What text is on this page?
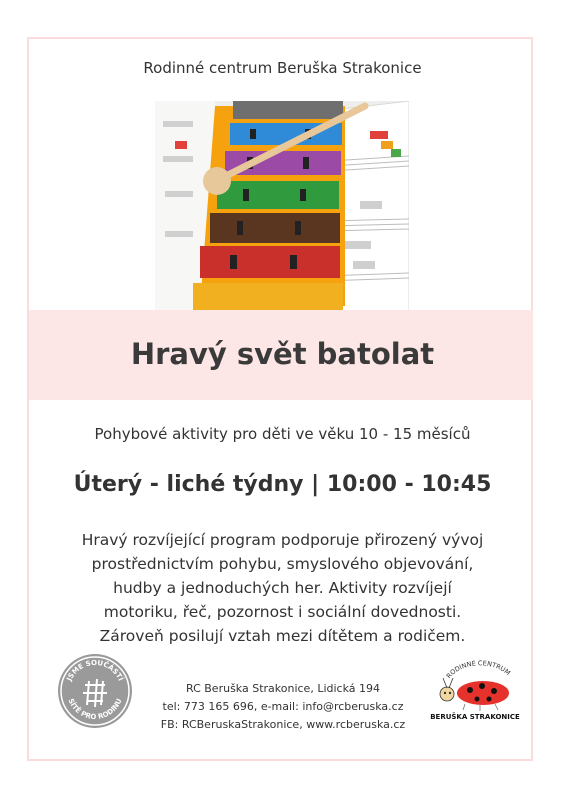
Rodinné centrum Beruška Strakonice
Hravý svět batolat
Pohybové aktivity pro děti ve věku 10 - 15 měsíců
Úterý - liché týdny | 10:00 - 10:45
Hravý rozvíjející program podporuje přirozený vývoj
prostřednictvím pohybu, smyslového objevování,
hudby a jednoduchých her. Aktivity rozvíjejí
motoriku, řeč, pozornost i sociální dovednosti.
Zároveň posilují vztah mezi dítětem a rodičem.
JSME SOUČÁSTÍ
SÍTĚ PRO RODINU
RC Beruška Strakonice, Lidická 194
tel: 773 165 696, e-mail: info@rcberuska.cz
FB: RCBeruskaStrakonice, www.rcberuska.cz
RODINNÉ CENTRUM
BERUŠKA STRAKONICE
